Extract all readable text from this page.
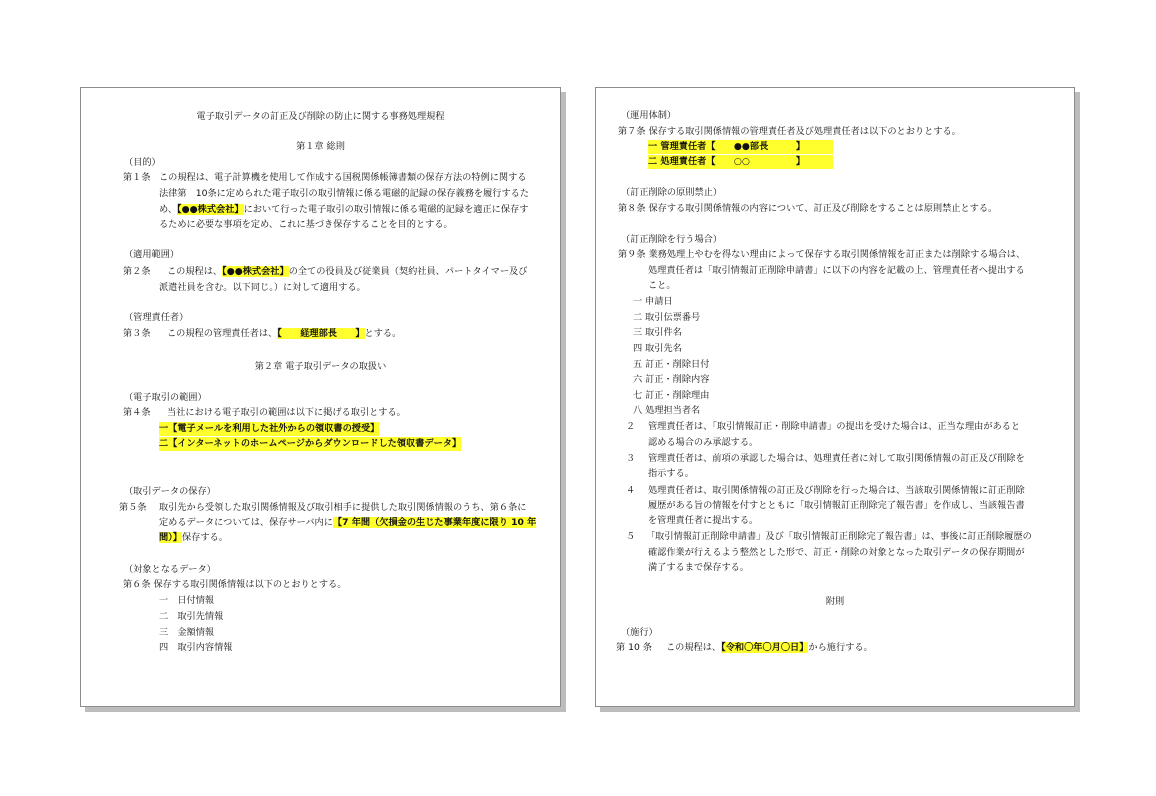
電子取引データの訂正及び削除の防止に関する事務処理規程
第１章 総則
（目的）
第１条 この規程は、電子計算機を使用して作成する国税関係帳簿書類の保存方法の特例に関する
法律第　10条に定められた電子取引の取引情報に係る電磁的記録の保存義務を履行するた
め、【●●株式会社】において行った電子取引の取引情報に係る電磁的記録を適正に保存す
るために必要な事項を定め、これに基づき保存することを目的とする。
（適用範囲）
第２条 この規程は、【●●株式会社】の全ての役員及び従業員（契約社員、パートタイマー及び
派遣社員を含む。以下同じ。）に対して適用する。
（管理責任者）
第３条 この規程の管理責任者は、【　　経理部長　　】とする。
第２章 電子取引データの取扱い
（電子取引の範囲）
第４条 当社における電子取引の範囲は以下に掲げる取引とする。
一【電子メールを利用した社外からの領収書の授受】
二【インターネットのホームページからダウンロードした領収書データ】
（取引データの保存）
第５条 取引先から受領した取引関係情報及び取引相手に提供した取引関係情報のうち、第６条に
定めるデータについては、保存サーバ内に【7 年間（欠損金の生じた事業年度に限り 10 年
間）】保存する。
（対象となるデータ）
第６条 保存する取引関係情報は以下のとおりとする。
一　日付情報
二　取引先情報
三　金額情報
四　取引内容情報
（運用体制）
第７条 保存する取引関係情報の管理責任者及び処理責任者は以下のとおりとする。
一 管理責任者【　　●●部長　　　】
二 処理責任者【　　○○　　　　　】
（訂正削除の原則禁止）
第８条 保存する取引関係情報の内容について、訂正及び削除をすることは原則禁止とする。
（訂正削除を行う場合）
第９条 業務処理上やむを得ない理由によって保存する取引関係情報を訂正または削除する場合は、
処理責任者は「取引情報訂正削除申請書」に以下の内容を記載の上、管理責任者へ提出する
こと。
一 申請日
二 取引伝票番号
三 取引件名
四 取引先名
五 訂正・削除日付
六 訂正・削除内容
七 訂正・削除理由
八 処理担当者名
２ 管理責任者は、「取引情報訂正・削除申請書」の提出を受けた場合は、正当な理由があると
認める場合のみ承認する。
３ 管理責任者は、前項の承認した場合は、処理責任者に対して取引関係情報の訂正及び削除を
指示する。
４ 処理責任者は、取引関係情報の訂正及び削除を行った場合は、当該取引関係情報に訂正削除
履歴がある旨の情報を付すとともに「取引情報訂正削除完了報告書」を作成し、当該報告書
を管理責任者に提出する。
５ 「取引情報訂正削除申請書」及び「取引情報訂正削除完了報告書」は、事後に訂正削除履歴の
確認作業が行えるよう整然とした形で、訂正・削除の対象となった取引データの保存期間が
満了するまで保存する。
附則
（施行）
第 10 条 この規程は、【令和〇年〇月〇日】から施行する。
